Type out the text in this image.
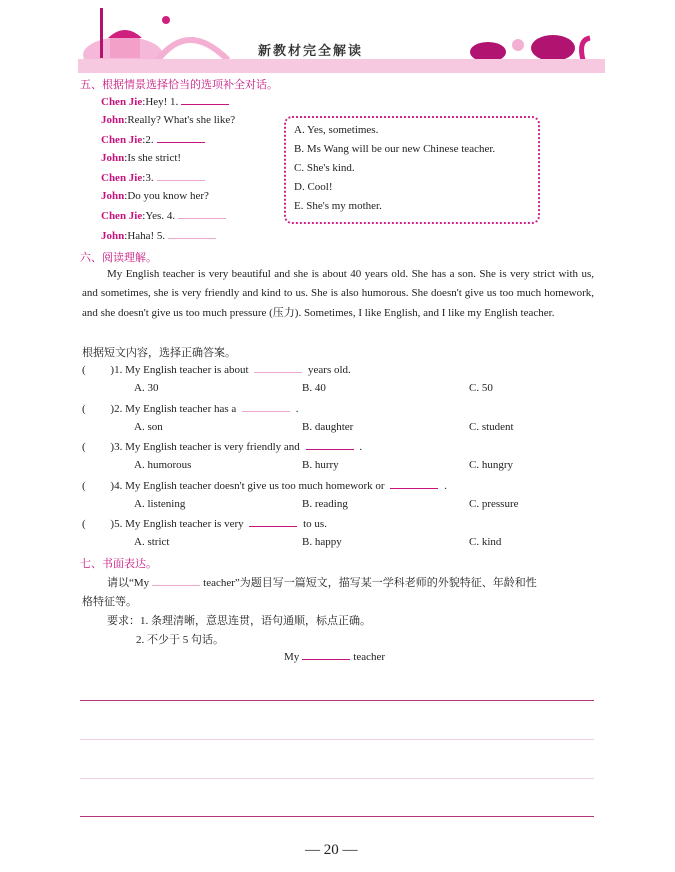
新教材完全解读
五、根据情景选择恰当的选项补全对话。
Chen Jie:Hey! 1.
John:Really? What's she like?
Chen Jie:2.
John:Is she strict!
Chen Jie:3.
John:Do you know her?
Chen Jie:Yes. 4.
John:Haha! 5.
A. Yes, sometimes.
B. Ms Wang will be our new Chinese teacher.
C. She's kind.
D. Cool!
E. She's my mother.
六、阅读理解。
My English teacher is very beautiful and she is about 40 years old. She has a son. She is very strict with us, and sometimes, she is very friendly and kind to us. She is also humorous. She doesn't give us too much homework, and she doesn't give us too much pressure (压力). Sometimes, I like English, and I like my English teacher.
根据短文内容，选择正确答案。
七、书面表达。
请以“My	teacher”为题目写一篇短文，描写某一学科老师的外貌特征、年龄和性
格特征等。
要求：1. 条理清晰，意思连贯，语句通顺，标点正确。
2. 不少于 5 句话。
My	teacher
— 20 —
(         )1. My English teacher is about	years old.
A. 30	B. 40	C. 50
(         )2. My English teacher has a	.
A. son	B. daughter	C. student
(         )3. My English teacher is very friendly and	.
A. humorous	B. hurry	C. hungry
(         )4. My English teacher doesn't give us too much homework or	.
A. listening	B. reading	C. pressure
(         )5. My English teacher is very	to us.
A. strict	B. happy	C. kind
